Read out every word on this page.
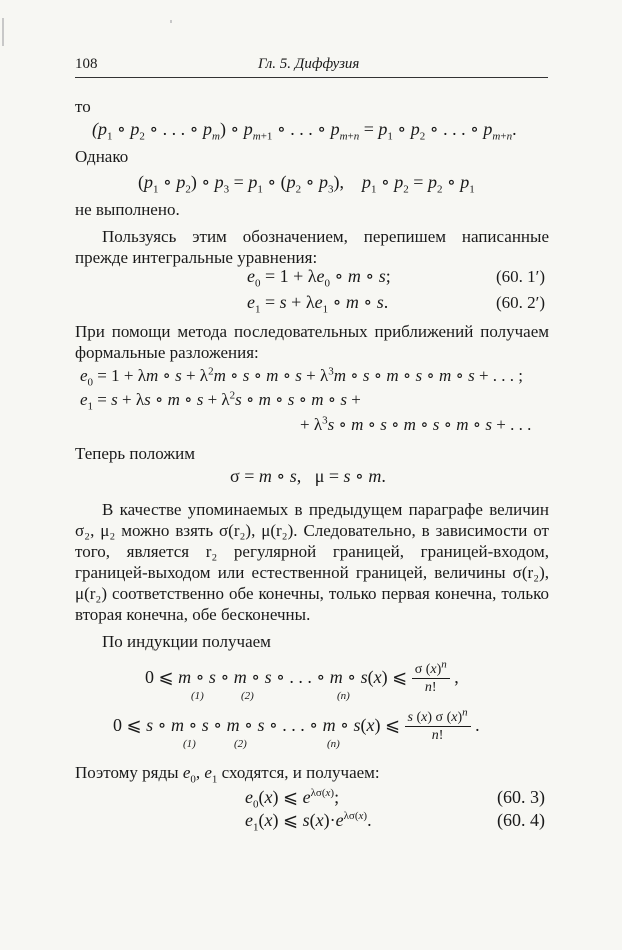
108	Гл. 5. Диффузия
то
($p_1$ ∘ $p_2$ ∘ . . . ∘ $p_m$) ∘ $p_{m+1}$ ∘ . . . ∘ $p_{m+n} = p_1$ ∘ $p_2$ ∘ . . . ∘ $p_{m+n}$.
Однако
($p_1$ ∘ $p_2$) ∘ $p_3 = p_1$ ∘ ($p_2$ ∘ $p_3$),    $p_1$ ∘ $p_2 = p_2$ ∘ $p_1$
не выполнено.
Пользуясь этим обозначением, перепишем написанные прежде интегральные уравнения:
$e_0 = 1 + \lambda e_0$ ∘ m ∘ s;	(60. 1′)
$e_1 = s + \lambda e_1$ ∘ m ∘ s.	(60. 2′)
При помощи метода последовательных приближений получаем формальные разложения:
$e_0 = 1 + \lambda m$ ∘ $s + \lambda^2m$ ∘ s ∘ m ∘ $s + \lambda^3m$ ∘ s ∘ m ∘ s ∘ m ∘ s + . . . ;
$e_1 = s + \lambda s$ ∘ m ∘ $s + \lambda^2s$ ∘ m ∘ s ∘ m ∘ s +
+ $\lambda^3s$ ∘ m ∘ s ∘ m ∘ s ∘ m ∘ s + . . .
Теперь положим
σ = m ∘ s,   μ = s ∘ m.
В качестве упоминаемых в предыдущем параграфе величин σ₂, μ₂ можно взять σ(r₂), μ(r₂). Следовательно, в зависимости от того, является r₂ регулярной границей, границей-входом, границей-выходом или естественной границей, величины σ(r₂), μ(r₂) соответственно обе конечны, только первая конечна, только вторая конечна, обе бесконечны.
По индукции получаем
0 ⩽ m ∘ s ∘ m ∘ s ∘ . . . ∘ m ∘ s(x) ⩽ $\frac{\sigma (x)^n}{n!}$ ,
(1)	(2)	(n)
0 ⩽ s ∘ m ∘ s ∘ m ∘ s ∘ . . . ∘ m ∘ s(x) ⩽ $\frac{s (x) \sigma (x)^n}{n!}$ .
(1)	(2)	(n)
Поэтому ряды $e_0$, $e_1$ сходятся, и получаем:
$e_0(x)$ ⩽ $e^{\lambda\sigma(x)}$;	(60. 3)
$e_1(x)$ ⩽ $s(x)\cdot e^{\lambda\sigma(x)}$.	(60. 4)
